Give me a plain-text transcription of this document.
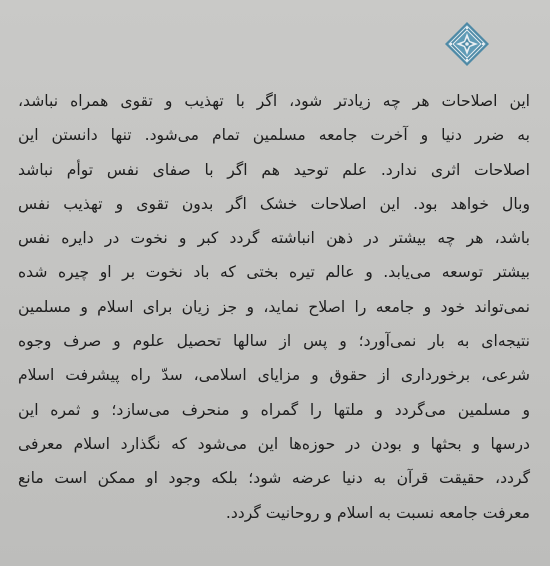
این اصلاحات هر چه زیادتر شود، اگر با تهذیب و تقوی همراه نباشد،
به ضرر دنیا و آخرت جامعه مسلمین تمام می‌شود. تنها دانستن این
اصلاحات اثری ندارد. علم توحید هم اگر با صفای نفس توأم نباشد
وبال خواهد بود. این اصلاحات خشک اگر بدون تقوی و تهذیب نفس
باشد، هر چه بیشتر در ذهن انباشته گردد کبر و نخوت در دایره نفس
بیشتر توسعه می‌یابد. و عالم تیره بختی که باد نخوت بر او چیره شده
نمی‌تواند خود و جامعه را اصلاح نماید، و جز زیان برای اسلام و مسلمین
نتیجه‌ای به بار نمی‌آورد؛ و پس از سالها تحصیل علوم و صرف وجوه
شرعی، برخورداری از حقوق و مزایای اسلامی، سدّ راه پیشرفت اسلام
و مسلمین می‌گردد و ملتها را گمراه و منحرف می‌سازد؛ و ثمره این
درسها و بحثها و بودن در حوزه‌ها این می‌شود که نگذارد اسلام معرفی
گردد، حقیقت قرآن به دنیا عرضه شود؛ بلکه وجود او ممکن است مانع
معرفت جامعه نسبت به اسلام و روحانیت گردد.
